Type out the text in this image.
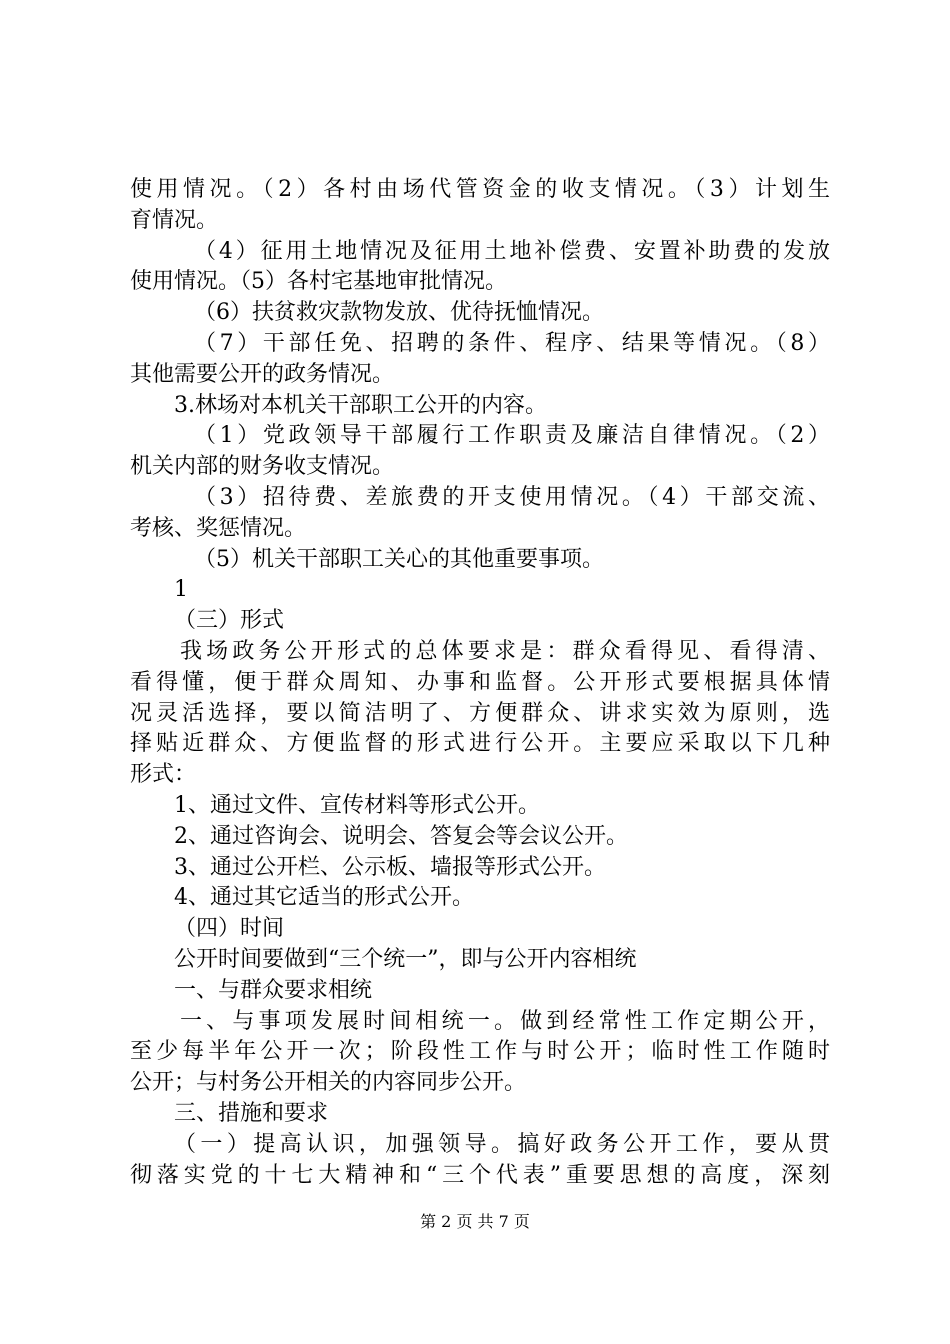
使用情况。（2）各村由场代管资金的收支情况。（3）计划生
育情况。
（4）征用土地情况及征用土地补偿费、安置补助费的发放
使用情况。（5）各村宅基地审批情况。
（6）扶贫救灾款物发放、优待抚恤情况。
（7）干部任免、招聘的条件、程序、结果等情况。（8）
其他需要公开的政务情况。
3.林场对本机关干部职工公开的内容。
（1）党政领导干部履行工作职责及廉洁自律情况。（2）
机关内部的财务收支情况。
（3）招待费、差旅费的开支使用情况。（4）干部交流、
考核、奖惩情况。
（5）机关干部职工关心的其他重要事项。
1
（三）形式
我场政务公开形式的总体要求是：群众看得见、看得清、
看得懂，便于群众周知、办事和监督。公开形式要根据具体情
况灵活选择，要以简洁明了、方便群众、讲求实效为原则，选
择贴近群众、方便监督的形式进行公开。主要应采取以下几种
形式：
1、通过文件、宣传材料等形式公开。
2、通过咨询会、说明会、答复会等会议公开。
3、通过公开栏、公示板、墙报等形式公开。
4、通过其它适当的形式公开。
（四）时间
公开时间要做到“三个统一”，即与公开内容相统
一、与群众要求相统
一、与事项发展时间相统一。做到经常性工作定期公开，
至少每半年公开一次；阶段性工作与时公开；临时性工作随时
公开；与村务公开相关的内容同步公开。
三、措施和要求
（一）提高认识，加强领导。搞好政务公开工作，要从贯
彻落实党的十七大精神和“三个代表”重要思想的高度，深刻
第 2 页 共 7 页
